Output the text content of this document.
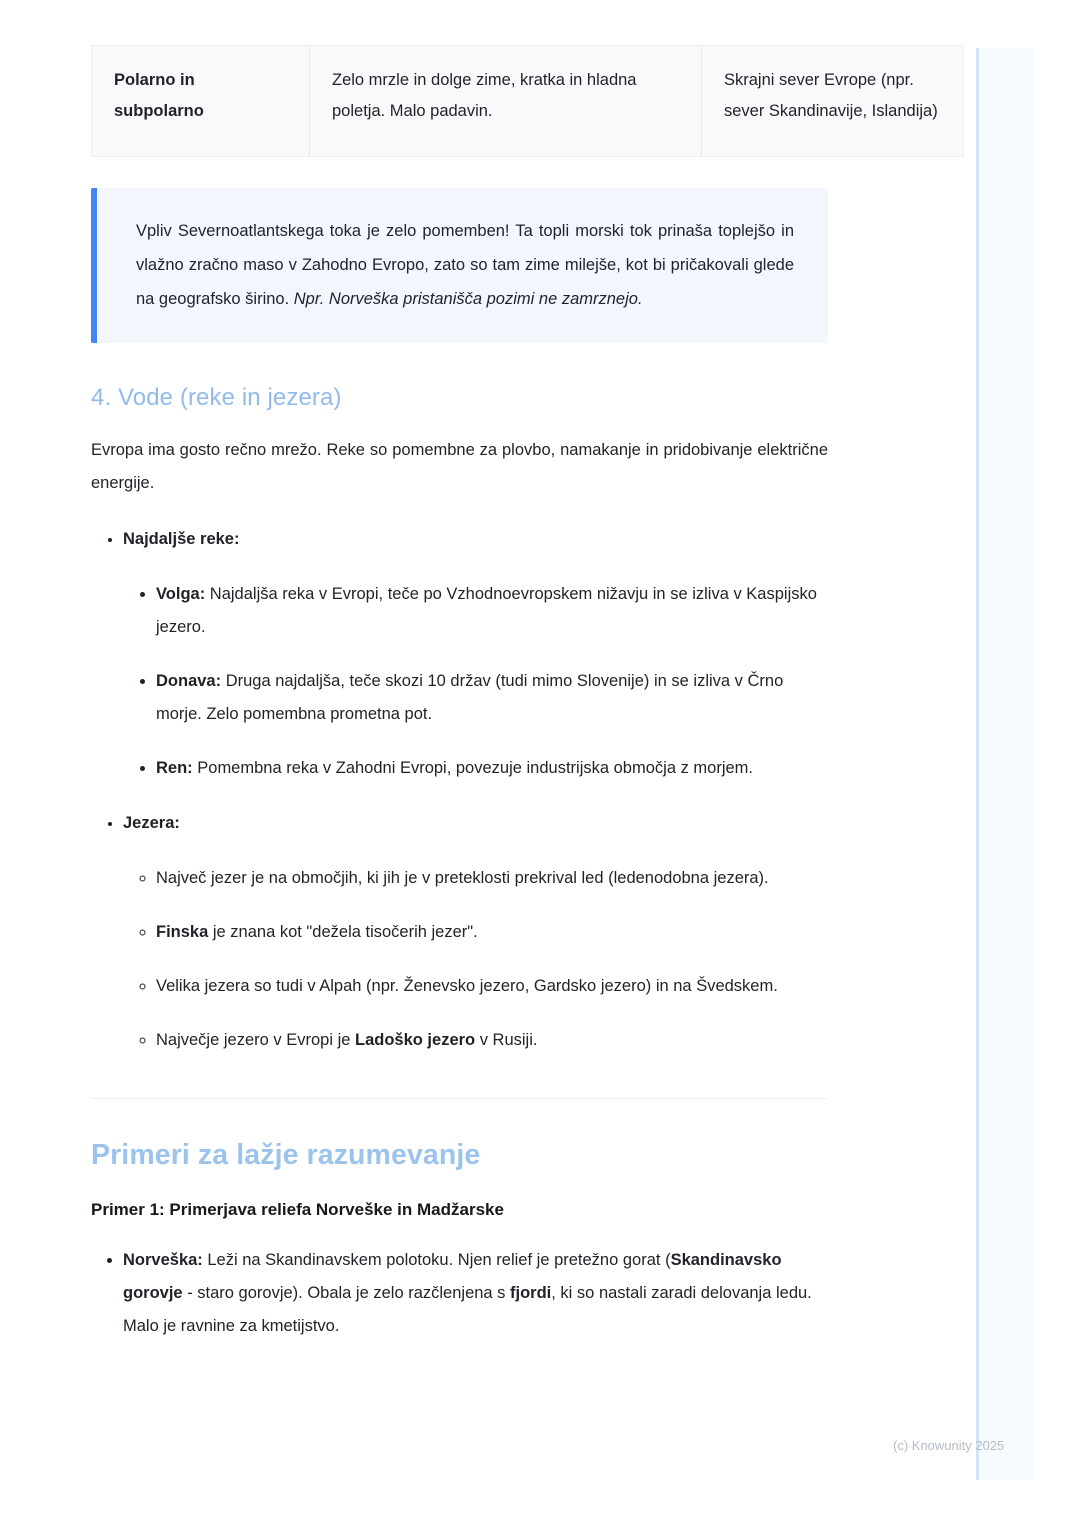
Polarno in subpolarno	Zelo mrzle in dolge zime, kratka in hladna poletja. Malo padavin.	Skrajni sever Evrope (npr. sever Skandinavije, Islandija)

Vpliv Severnoatlantskega toka je zelo pomemben! Ta topli morski tok prinaša toplejšo in vlažno zračno maso v Zahodno Evropo, zato so tam zime milejše, kot bi pričakovali glede na geografsko širino. Npr. Norveška pristanišča pozimi ne zamrznejo.

4. Vode (reke in jezera)

Evropa ima gosto rečno mrežo. Reke so pomembne za plovbo, namakanje in pridobivanje električne energije.

• Najdaljše reke:
• Volga: Najdaljša reka v Evropi, teče po Vzhodnoevropskem nižavju in se izliva v Kaspijsko jezero.
• Donava: Druga najdaljša, teče skozi 10 držav (tudi mimo Slovenije) in se izliva v Črno morje. Zelo pomembna prometna pot.
• Ren: Pomembna reka v Zahodni Evropi, povezuje industrijska območja z morjem.
• Jezera:
◦ Največ jezer je na območjih, ki jih je v preteklosti prekrival led (ledenodobna jezera).
◦ Finska je znana kot "dežela tisočerih jezer".
◦ Velika jezera so tudi v Alpah (npr. Ženevsko jezero, Gardsko jezero) in na Švedskem.
◦ Največje jezero v Evropi je Ladoško jezero v Rusiji.
Primeri za lažje razumevanje
Primer 1: Primerjava reliefa Norveške in Madžarske
• Norveška: Leži na Skandinavskem polotoku. Njen relief je pretežno gorat (Skandinavsko gorovje - staro gorovje). Obala je zelo razčlenjena s fjordi, ki so nastali zaradi delovanja ledu. Malo je ravnine za kmetijstvo.
(c) Knowunity 2025
